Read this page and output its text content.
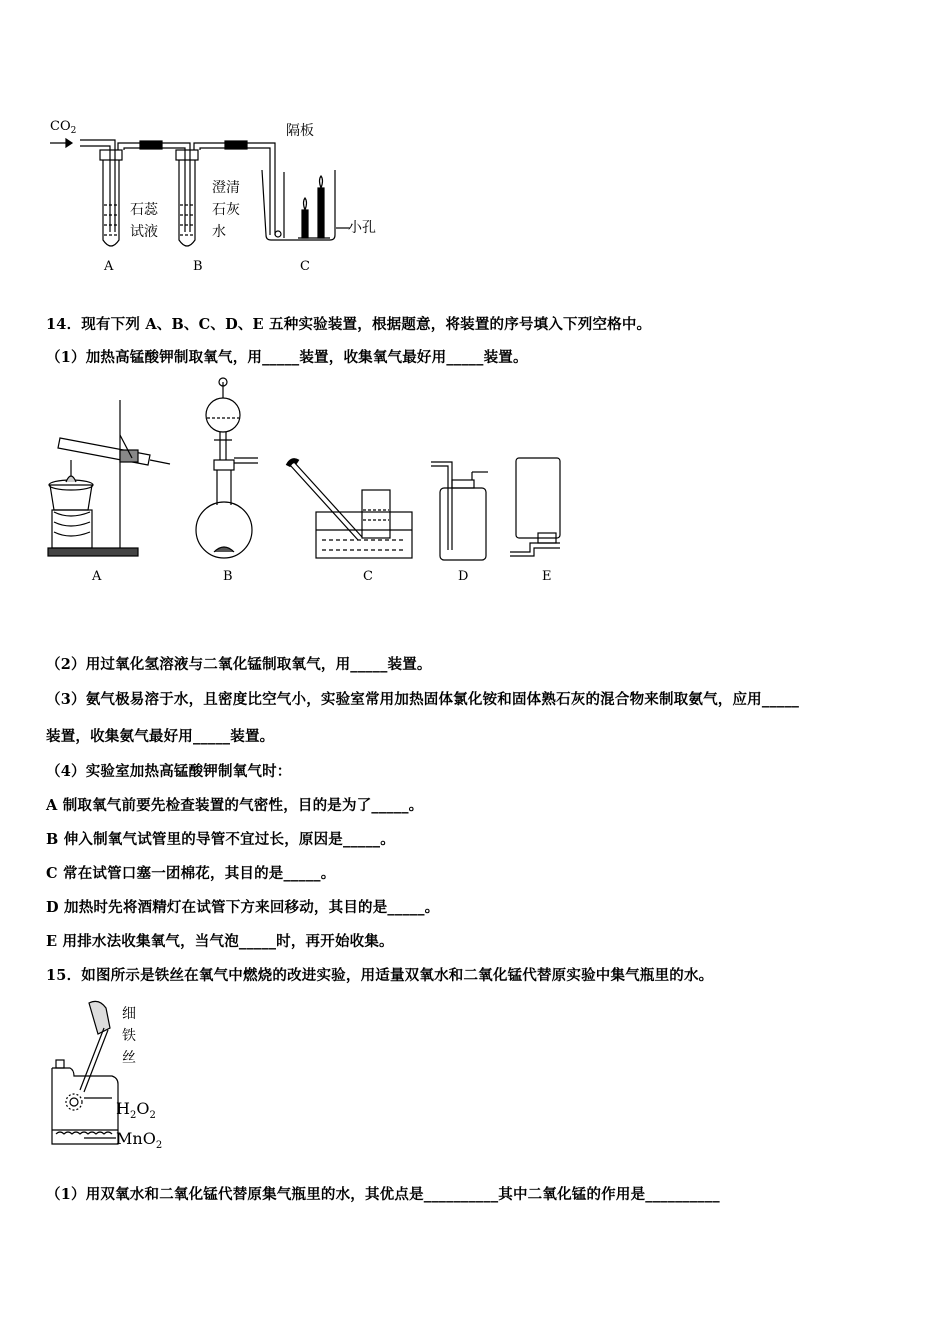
$CO_2$
石蕊
试液
澄清
石灰
水
隔板
小孔
A	B	C
14．现有下列 A、B、C、D、E 五种实验装置，根据题意，将装置的序号填入下列空格中。
（1）加热高锰酸钾制取氧气，用_____装置，收集氧气最好用_____装置。
A	B	C	D	E
（2）用过氧化氢溶液与二氧化锰制取氧气，用_____装置。
（3）氨气极易溶于水，且密度比空气小，实验室常用加热固体氯化铵和固体熟石灰的混合物来制取氨气，应用_____
装置，收集氨气最好用_____装置。
（4）实验室加热高锰酸钾制氧气时：
A 制取氧气前要先检查装置的气密性，目的是为了_____。
B 伸入制氧气试管里的导管不宜过长，原因是_____。
C 常在试管口塞一团棉花，其目的是_____。
D 加热时先将酒精灯在试管下方来回移动，其目的是_____。
E 用排水法收集氧气，当气泡_____时，再开始收集。
15．如图所示是铁丝在氧气中燃烧的改进实验，用适量双氧水和二氧化锰代替原实验中集气瓶里的水。
细
铁
丝
$H_2O_2$
MnO$_2$
（1）用双氧水和二氧化锰代替原集气瓶里的水，其优点是__________其中二氧化锰的作用是__________
